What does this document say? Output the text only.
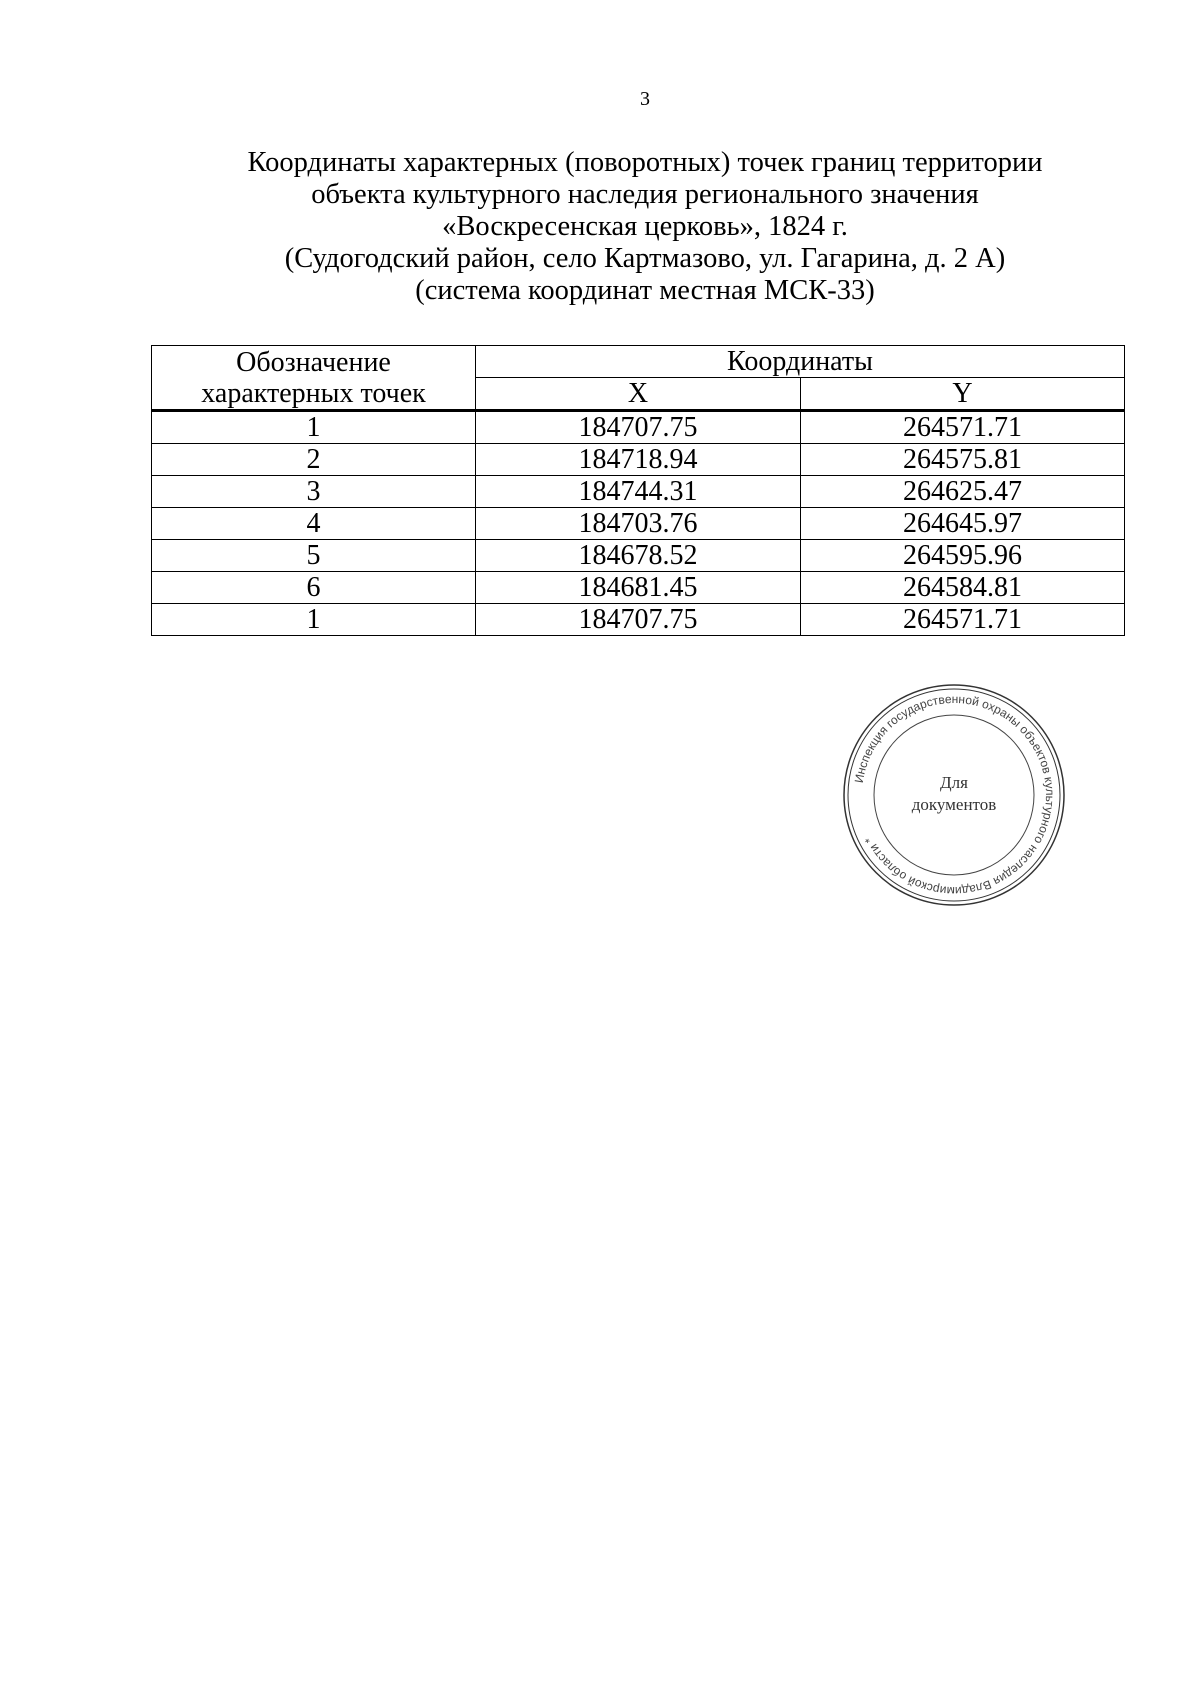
3
Координаты характерных (поворотных) точек границ территории
объекта культурного наследия регионального значения
«Воскресенская церковь», 1824 г.
(Судогодский район, село Картмазово, ул. Гагарина, д. 2 А)
(система координат местная МСК-33)
Обозначение
характерных точек	Координаты	
	X	Y
1	184707.75	264571.71
2	184718.94	264575.81
3	184744.31	264625.47
4	184703.76	264645.97
5	184678.52	264595.96
6	184681.45	264584.81
1	184707.75	264571.71
Инспекция государственной охраны объектов культурного наследия Владимирской области *
Для
документов
